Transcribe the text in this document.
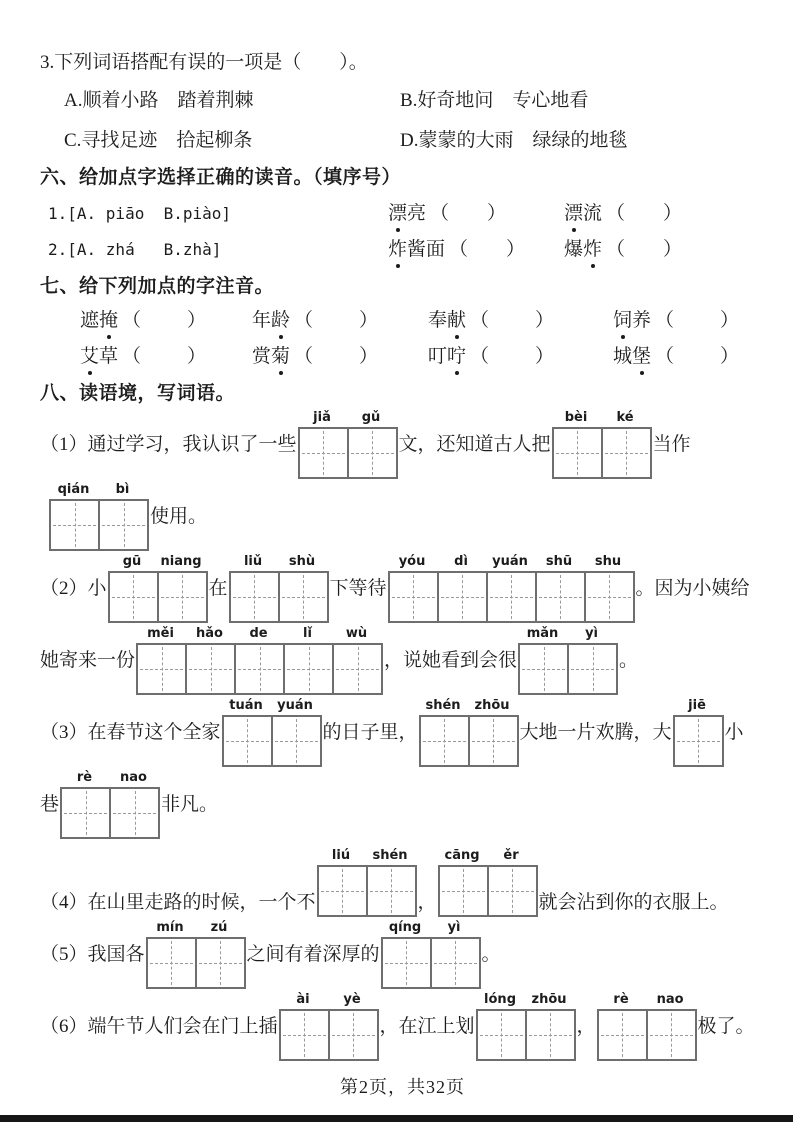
3.下列词语搭配有误的一项是（　　）。
A.顺着小路　踏着荆棘	B.好奇地问　专心地看
C.寻找足迹　拾起柳条	D.蒙蒙的大雨　绿绿的地毯
六、给加点字选择正确的读音。（填序号）
1.[A. piāo  B.piào]	漂亮 （ ）	漂流 （ ）
2.[A. zhá   B.zhà]	炸酱面 （ ）	爆炸 （ ）
七、给下列加点的字注音。
遮掩 （ ）	年龄 （ ）	奉献 （ ）	饲养 （ ）
艾草 （ ）	赏菊 （ ）	叮咛 （ ）	城堡 （ ）
八、读语境，写词语。
（1）通过学习，我认识了一些
jiǎ	gǔ
文，还知道古人把
bèi	ké
当作
qián	bì
使用。
（2）小
gū	niang
在
liǔ	shù
下等待
yóu	dì	yuán	shū	shu
。因为小姨给
她寄来一份
měi	hǎo	de	lǐ	wù
，说她看到会很
mǎn	yì
。
（3）在春节这个全家
tuán	yuán
的日子里，
shén	zhōu
大地一片欢腾，大
jiē
小
巷
rè	nao
非凡。
（4）在山里走路的时候，一个不
liú	shén
，
cāng	ěr
就会沾到你的衣服上。
（5）我国各
mín	zú
之间有着深厚的
qíng	yì
。
（6）端午节人们会在门上插
ài	yè
，在江上划
lóng	zhōu
，
rè	nao
极了。
第2页，共32页
